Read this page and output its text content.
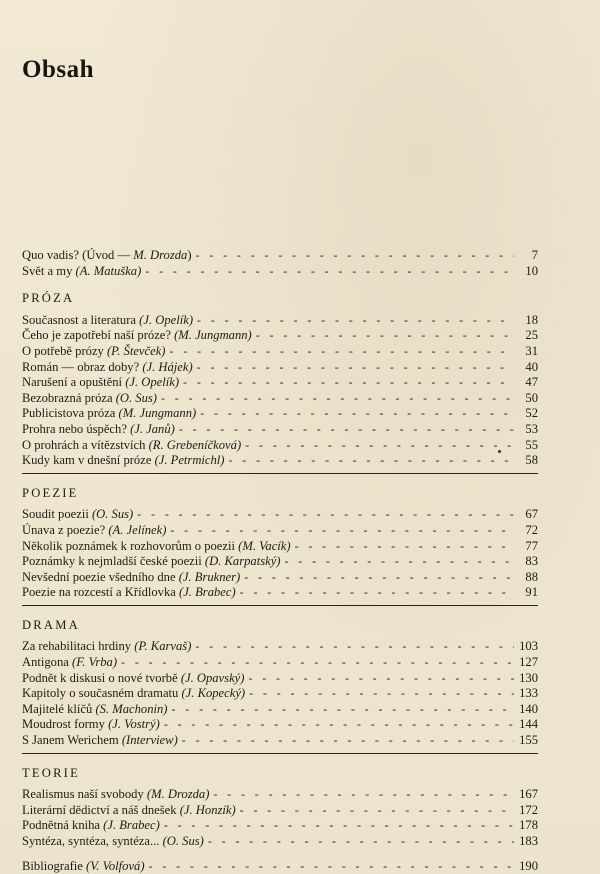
Obsah
Quo vadis? (Úvod — M. Drozda) - - -	7
Svět a my (A. Matuška) - - -	10
PRÓZA
Současnost a literatura (J. Opelík) - - -	18
Čeho je zapotřebí naší próze? (M. Jungmann) - - -	25
O potřebě prózy (P. Števček) - - -	31
Román — obraz doby? (J. Hájek) - - -	40
Narušení a opuštění (J. Opelík) - - -	47
Bezobrazná próza (O. Sus) - - -	50
Publicistova próza (M. Jungmann) - - -	52
Prohra nebo úspěch? (J. Janů) - - -	53
O prohrách a vítězstvích (R. Grebeníčková) - - -	55
Kudy kam v dnešní próze (J. Petrmichl) - - -	58
POEZIE
Soudit poezii (O. Sus) - - -	67
Únava z poezie? (A. Jelínek) - - -	72
Několik poznámek k rozhovorům o poezii (M. Vacík) - - -	77
Poznámky k nejmladší české poezii (D. Karpatský) - - -	83
Nevšední poezie všedního dne (J. Brukner) - - -	88
Poezie na rozcestí a Křídlovka (J. Brabec) - - -	91
DRAMA
Za rehabilitaci hrdiny (P. Karvaš) - - -	103
Antigona (F. Vrba) - - -	127
Podnět k diskusi o nové tvorbě (J. Opavský) - - -	130
Kapitoly o současném dramatu (J. Kopecký) - - -	133
Majitelé klíčů (S. Machonin) - - -	140
Moudrost formy (J. Vostrý) - - -	144
S Janem Werichem (Interview) - - -	155
TEORIE
Realismus naší svobody (M. Drozda) - - -	167
Literární dědictví a náš dnešek (J. Honzík) - - -	172
Podnětná kniha (J. Brabec) - - -	178
Syntéza, syntéza, syntéza... (O. Sus) - - -	183
Bibliografie (V. Volfová) - - -	190
